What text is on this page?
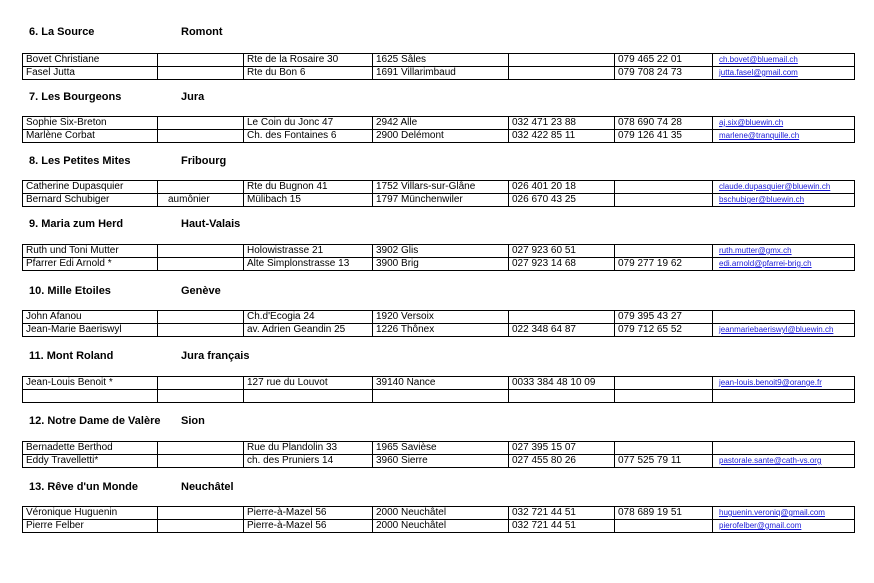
6. La Source	Romont
Bovet Christiane		Rte de la Rosaire 30	1625 Sâles		079 465 22 01	ch.bovet@bluemail.ch
Fasel Jutta		Rte du Bon 6	1691 Villarimbaud		079 708 24 73	jutta.fasel@gmail.com
7. Les Bourgeons	Jura
Sophie Six-Breton		Le Coin du Jonc 47	2942 Alle	032 471 23 88	078 690 74 28	aj.six@bluewin.ch
Marlène Corbat		Ch. des Fontaines 6	2900 Delémont	032 422 85 11	079 126 41 35	marlene@tranquille.ch
8. Les Petites Mites	Fribourg
Catherine Dupasquier		Rte du Bugnon 41	1752 Villars-sur-Glâne	026 401 20 18		claude.dupasquier@bluewin.ch
Bernard Schubiger	aumônier	Mülibach 15	1797 Münchenwiler	026 670 43 25		bschubiger@bluewin.ch
9. Maria zum Herd	Haut-Valais
Ruth und Toni Mutter		Holowistrasse 21	3902 Glis	027 923 60 51		ruth.mutter@gmx.ch
Pfarrer Edi Arnold *		Alte Simplonstrasse 13	3900 Brig	027 923 14 68	079 277 19 62	edi.arnold@pfarrei-brig.ch
10. Mille Etoiles	Genève
John Afanou		Ch.d'Ecogia 24	1920 Versoix		079 395 43 27	
Jean-Marie Baeriswyl		av. Adrien Geandin 25	1226 Thônex	022 348 64 87	079 712 65 52	jeanmariebaeriswyl@bluewin.ch
11. Mont Roland	Jura français
Jean-Louis Benoit *		127 rue du Louvot	39140 Nance	0033 384 48 10 09		jean-louis.benoit9@orange.fr

12. Notre Dame de Valère Sion
Bernadette Berthod		Rue du Plandolin 33	1965 Savièse	027 395 15 07		
Eddy Travelletti*		ch. des Pruniers 14	3960 Sierre	027 455 80 26	077 525 79 11	pastorale.sante@cath-vs.org
13. Rêve d'un Monde	Neuchâtel
Véronique Huguenin		Pierre-à-Mazel 56	2000 Neuchâtel	032 721 44 51	078 689 19 51	huguenin.veroniq@gmail.com
Pierre Felber		Pierre-à-Mazel 56	2000 Neuchâtel	032 721 44 51		pierofelber@gmail.com
